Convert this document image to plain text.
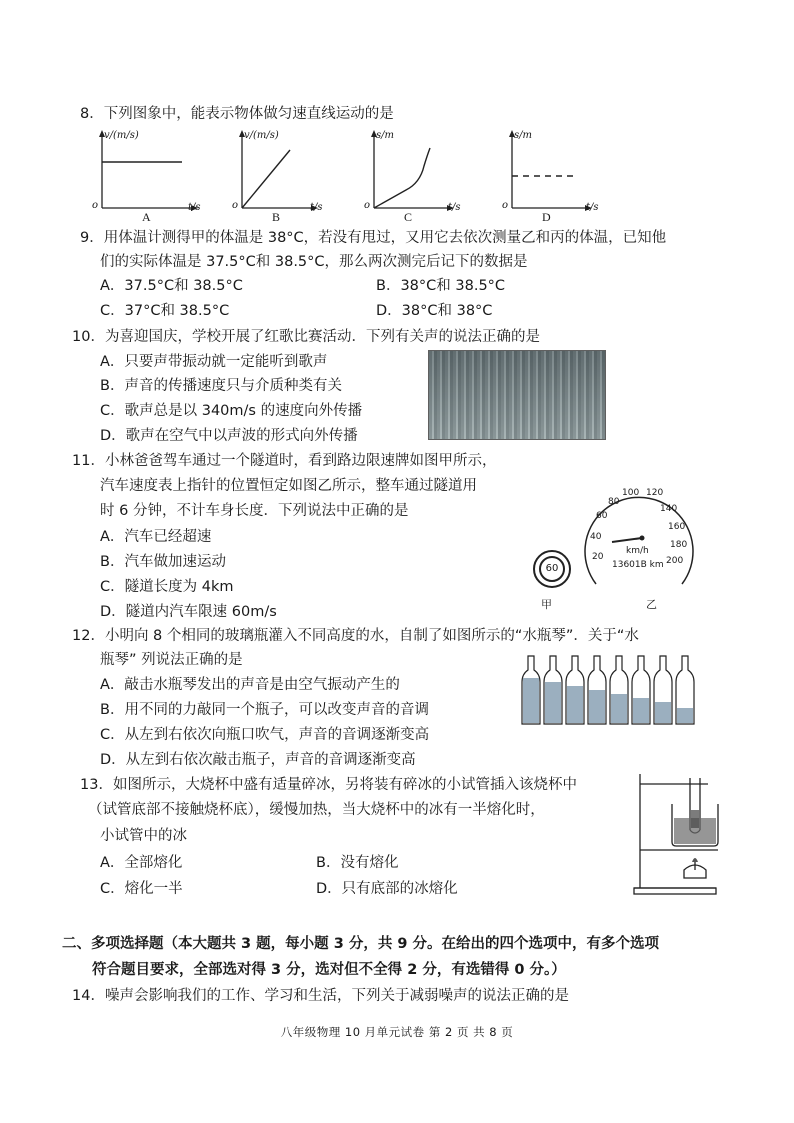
8．下列图象中，能表示物体做匀速直线运动的是
v/(m/s)
t/s
o
A
v/(m/s)
t/s
o
B
s/m
t/s
o
C
s/m
t/s
o
D
9．用体温计测得甲的体温是 38°C，若没有甩过，又用它去依次测量乙和丙的体温，已知他
们的实际体温是 37.5°C和 38.5°C，那么两次测完后记下的数据是
A．37.5°C和 38.5°C	B．38°C和 38.5°C
C．37°C和 38.5°C	D．38°C和 38°C
10．为喜迎国庆，学校开展了红歌比赛活动．下列有关声的说法正确的是
A．只要声带振动就一定能听到歌声
B．声音的传播速度只与介质种类有关
C．歌声总是以 340m/s 的速度向外传播
D．歌声在空气中以声波的形式向外传播
11．小林爸爸驾车通过一个隧道时，看到路边限速牌如图甲所示，
汽车速度表上指针的位置恒定如图乙所示，整车通过隧道用
时 6 分钟，不计车身长度．下列说法中正确的是
A．汽车已经超速
B．汽车做加速运动
C．隧道长度为 4km
D．隧道内汽车限速 60m/s
60
甲
20
40
60
80
100 120
140
160
180
200
km/h
13601B km
乙
12．小明向 8 个相同的玻璃瓶灌入不同高度的水，自制了如图所示的“水瓶琴”．关于“水
瓶琴” 列说法正确的是
A．敲击水瓶琴发出的声音是由空气振动产生的
B．用不同的力敲同一个瓶子，可以改变声音的音调
C．从左到右依次向瓶口吹气，声音的音调逐渐变高
D．从左到右依次敲击瓶子，声音的音调逐渐变高
13．如图所示，大烧杯中盛有适量碎冰，另将装有碎冰的小试管插入该烧杯中
（试管底部不接触烧杯底），缓慢加热，当大烧杯中的冰有一半熔化时，
小试管中的冰
A．全部熔化	B．没有熔化
C．熔化一半	D．只有底部的冰熔化
二、多项选择题（本大题共 3 题，每小题 3 分，共 9 分。在给出的四个选项中，有多个选项
符合题目要求，全部选对得 3 分，选对但不全得 2 分，有选错得 0 分。）
14．噪声会影响我们的工作、学习和生活，下列关于减弱噪声的说法正确的是
八年级物理 10 月单元试卷 第 2 页 共 8 页
